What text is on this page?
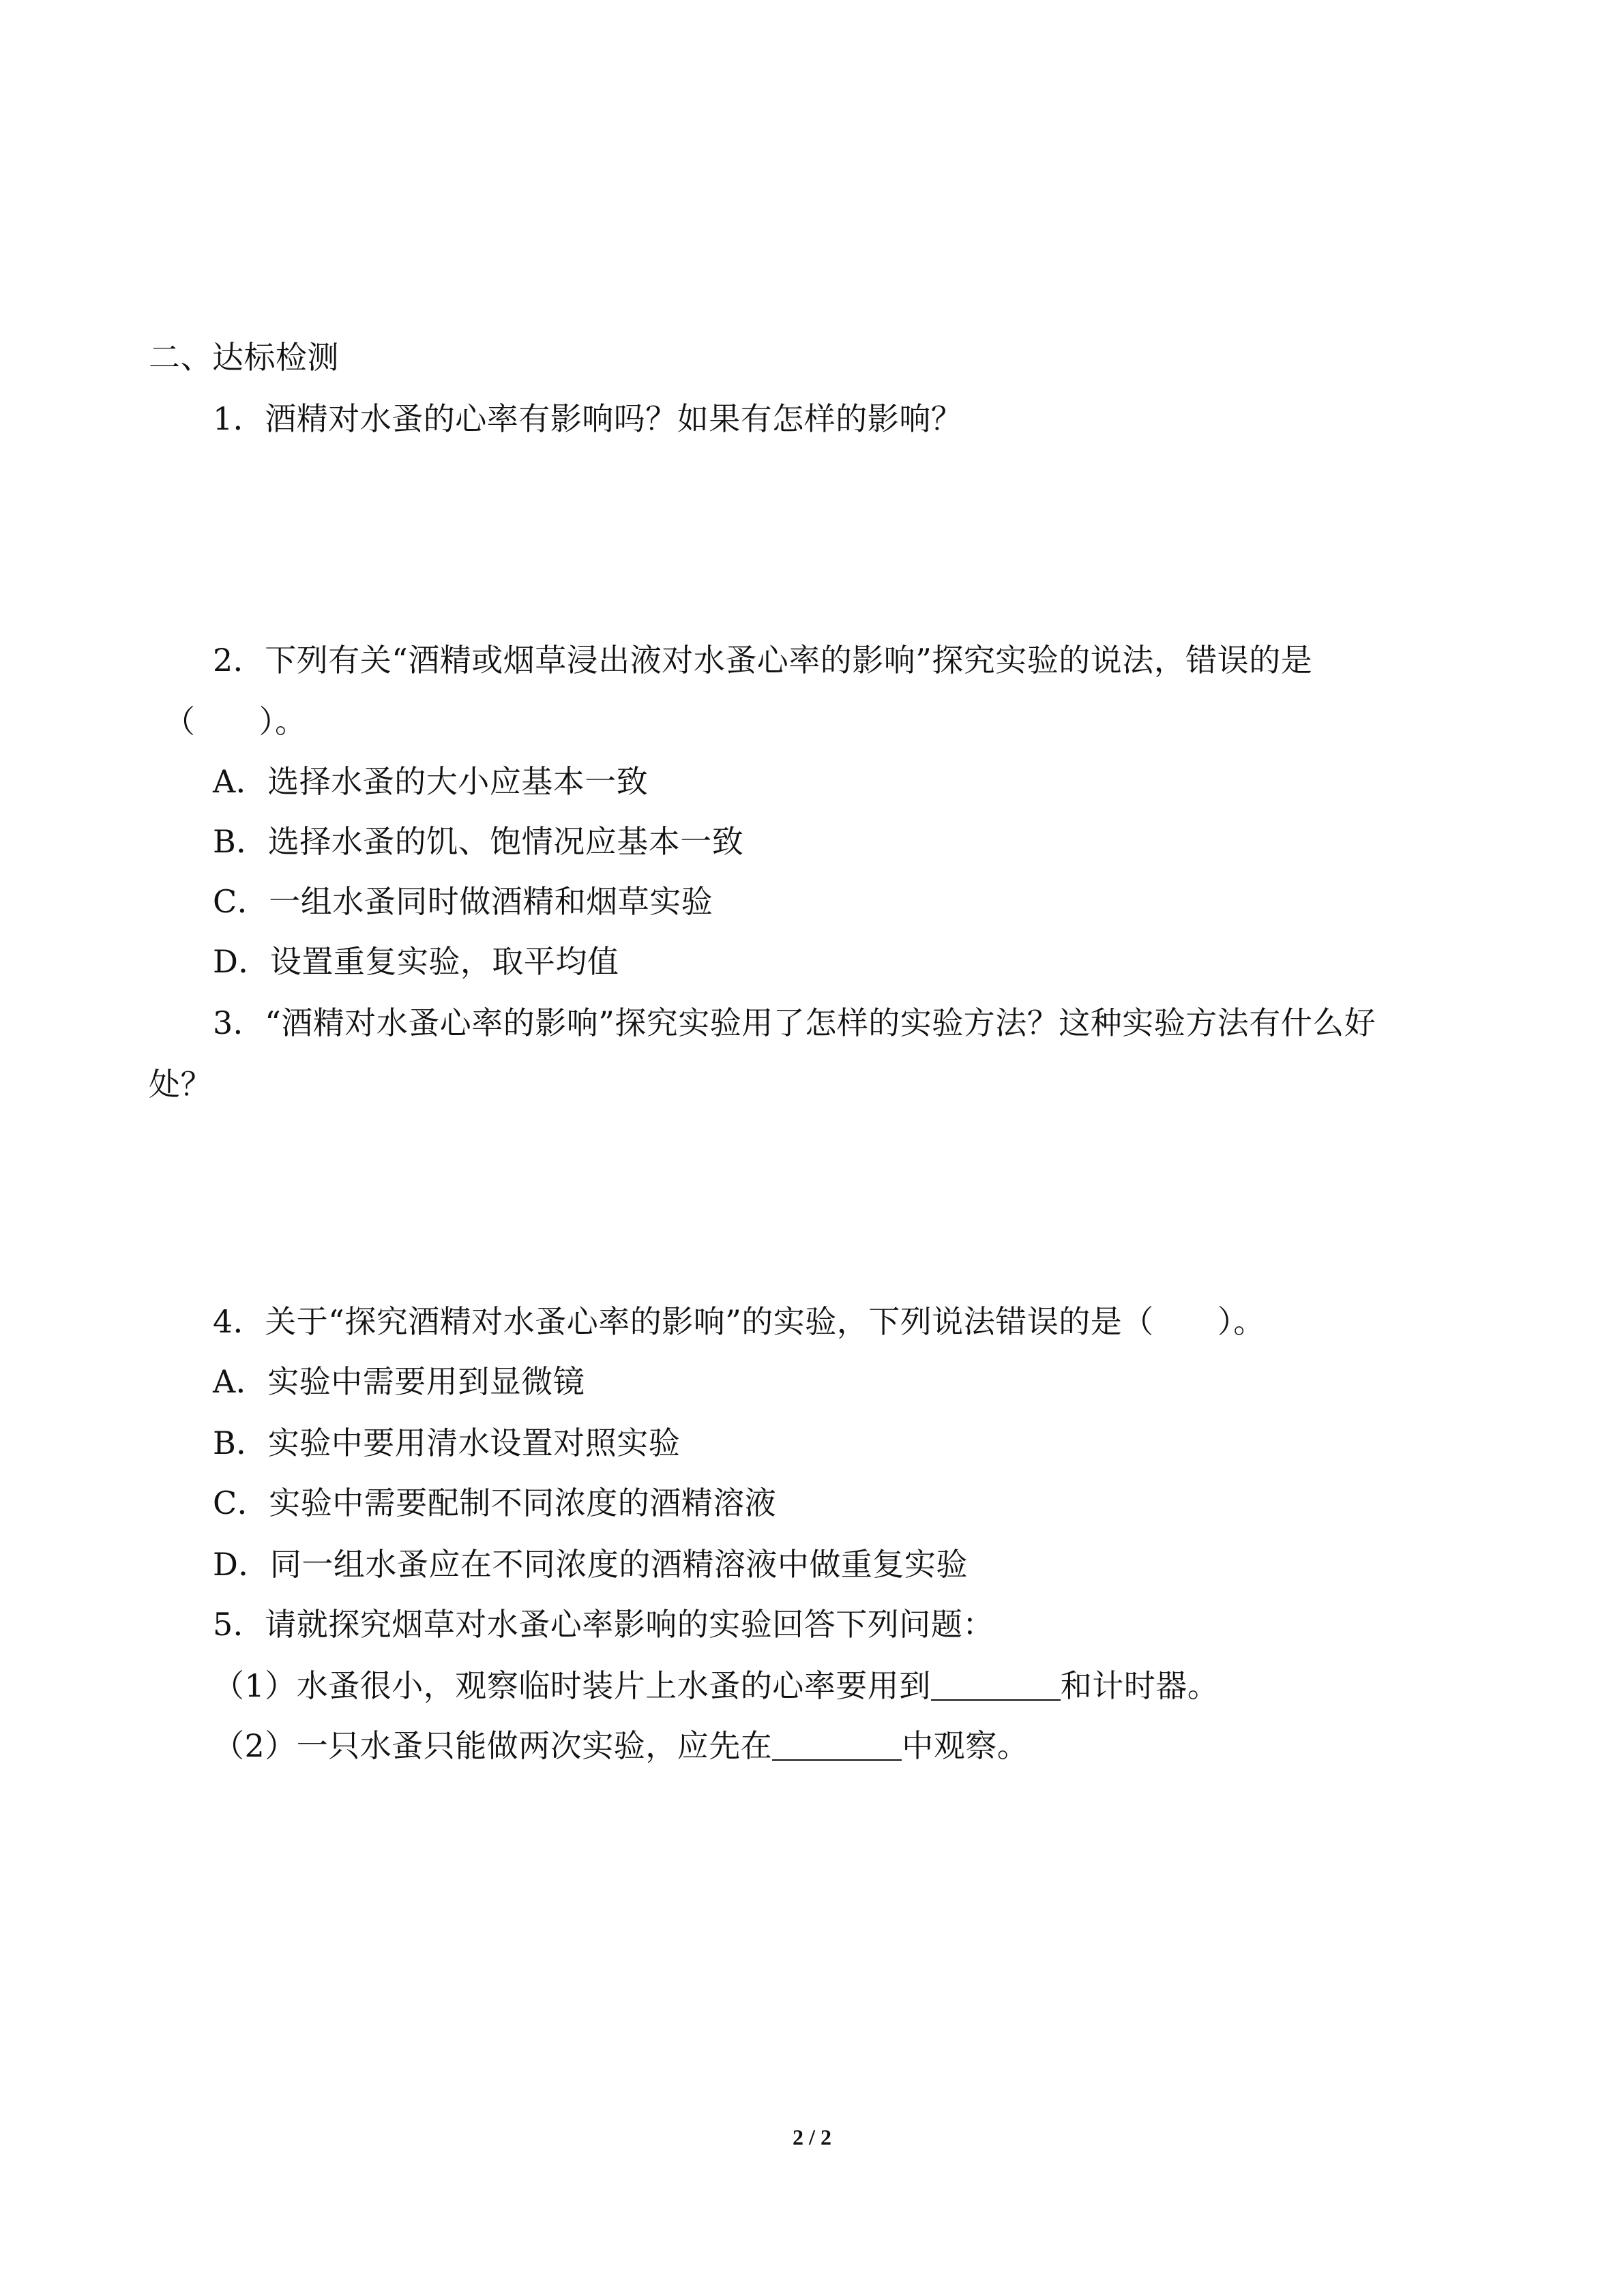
二、达标检测
1．酒精对水蚤的心率有影响吗？如果有怎样的影响？
2．下列有关“酒精或烟草浸出液对水蚤心率的影响”探究实验的说法，错误的是
（　　）。
A．选择水蚤的大小应基本一致
B．选择水蚤的饥、饱情况应基本一致
C．一组水蚤同时做酒精和烟草实验
D．设置重复实验，取平均值
3．“酒精对水蚤心率的影响”探究实验用了怎样的实验方法？这种实验方法有什么好
处？
4．关于“探究酒精对水蚤心率的影响”的实验，下列说法错误的是（　　）。
A．实验中需要用到显微镜
B．实验中要用清水设置对照实验
C．实验中需要配制不同浓度的酒精溶液
D．同一组水蚤应在不同浓度的酒精溶液中做重复实验
5．请就探究烟草对水蚤心率影响的实验回答下列问题：
（1）水蚤很小，观察临时装片上水蚤的心率要用到	和计时器。
（2）一只水蚤只能做两次实验，应先在	中观察。
2 / 2
